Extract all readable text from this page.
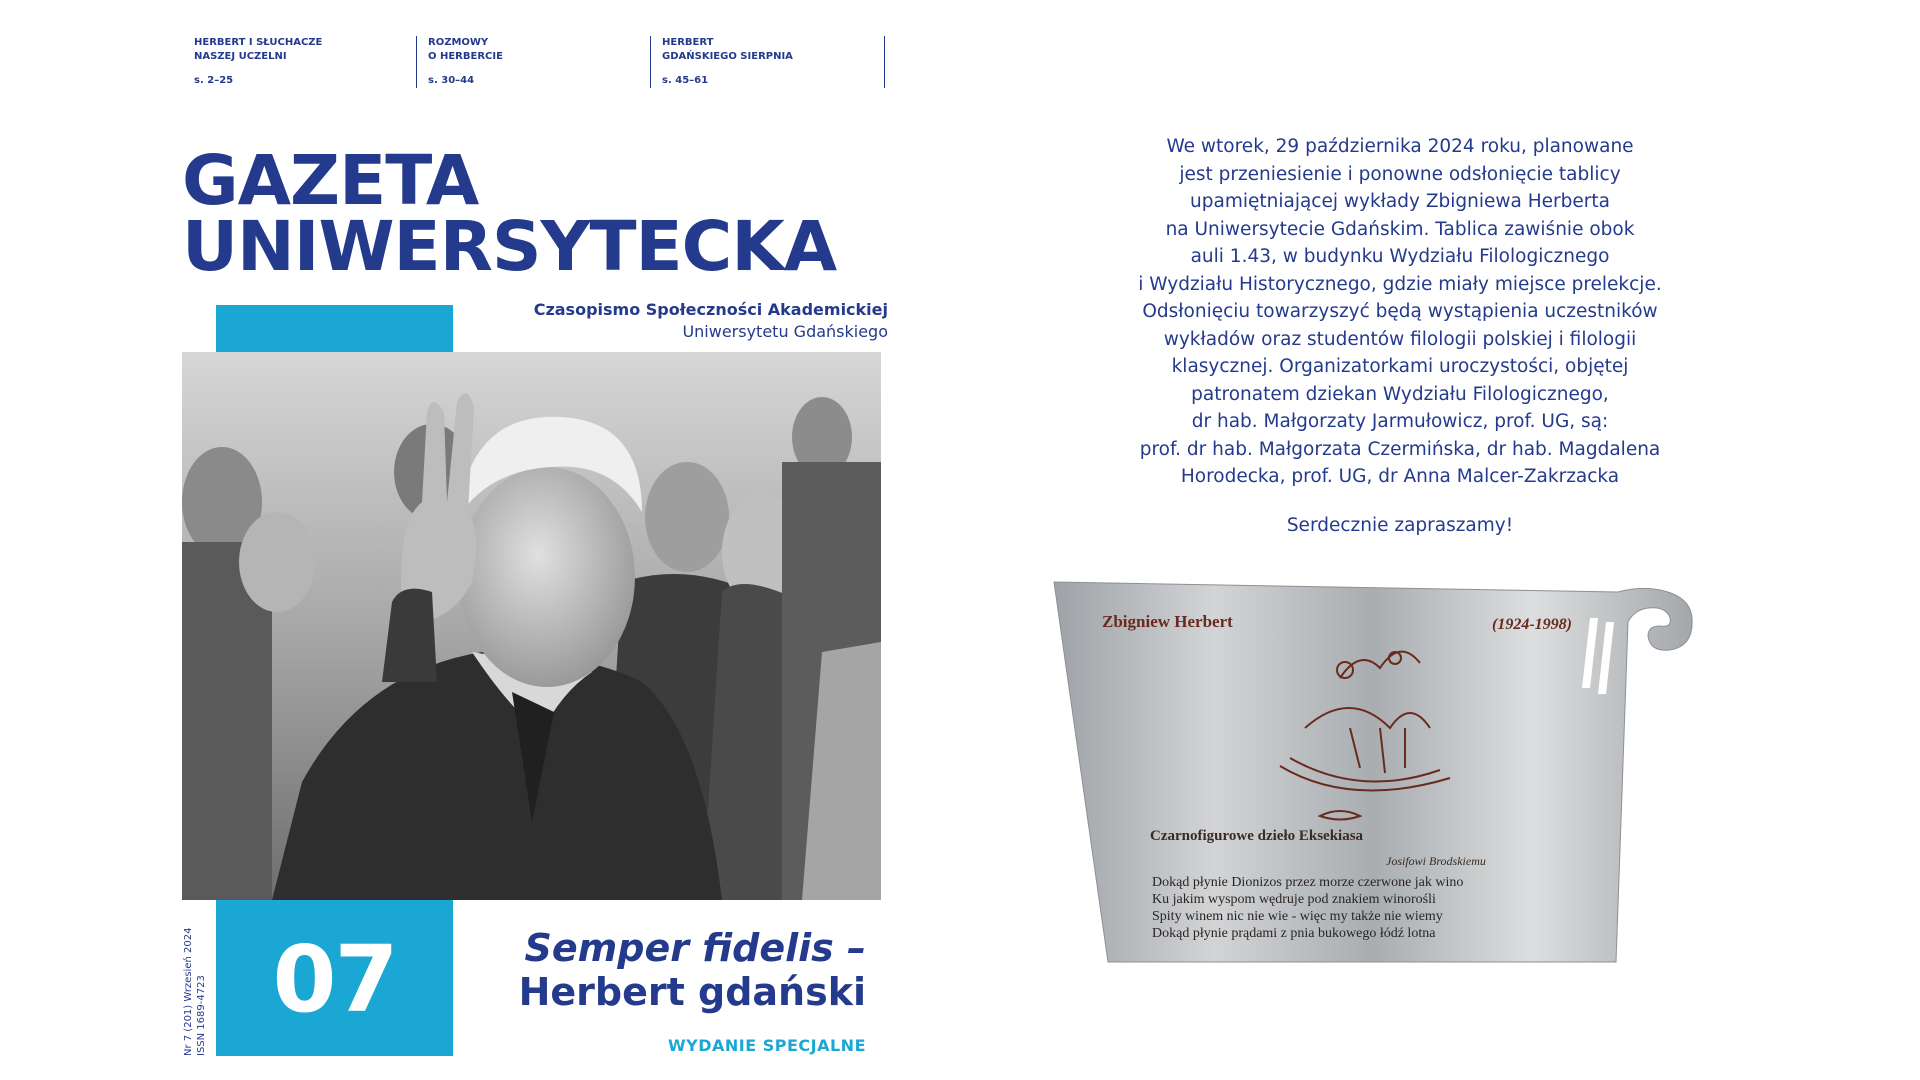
HERBERT I SŁUCHACZE
NASZEJ UCZELNI
s. 2–25
ROZMOWY
O HERBERCIE
s. 30–44
HERBERT
GDAŃSKIEGO SIERPNIA
s. 45–61
GAZETA
UNIWERSYTECKA
Czasopismo Społeczności Akademickiej
Uniwersytetu Gdańskiego
07
Nr 7 (201) Wrzesień 2024 ISSN 1689-4723
Semper fidelis –
Herbert gdański
WYDANIE SPECJALNE

We wtorek, 29 października 2024 roku, planowane

jest przeniesienie i ponowne odsłonięcie tablicy

upamiętniającej wykłady Zbigniewa Herberta

na Uniwersytecie Gdańskim. Tablica zawiśnie obok

auli 1.43, w budynku Wydziału Filologicznego

i Wydziału Historycznego, gdzie miały miejsce prelekcje.

Odsłonięciu towarzyszyć będą wystąpienia uczestników

wykładów oraz studentów filologii polskiej i filologii

klasycznej. Organizatorkami uroczystości, objętej

patronatem dziekan Wydziału Filologicznego,

dr hab. Małgorzaty Jarmułowicz, prof. UG, są:

prof. dr hab. Małgorzata Czermińska, dr hab. Magdalena

Horodecka, prof. UG, dr Anna Malcer-Zakrzacka

Serdecznie zapraszamy!
Zbigniew Herbert	(1924-1998)
Czarnofigurowe dzieło Eksekiasa
Josifowi Brodskiemu
Dokąd płynie Dionizos przez morze czerwone jak wino
Ku jakim wyspom wędruje pod znakiem winorośli
Spity winem nic nie wie - więc my także nie wiemy
Dokąd płynie prądami z pnia bukowego łódź lotna
